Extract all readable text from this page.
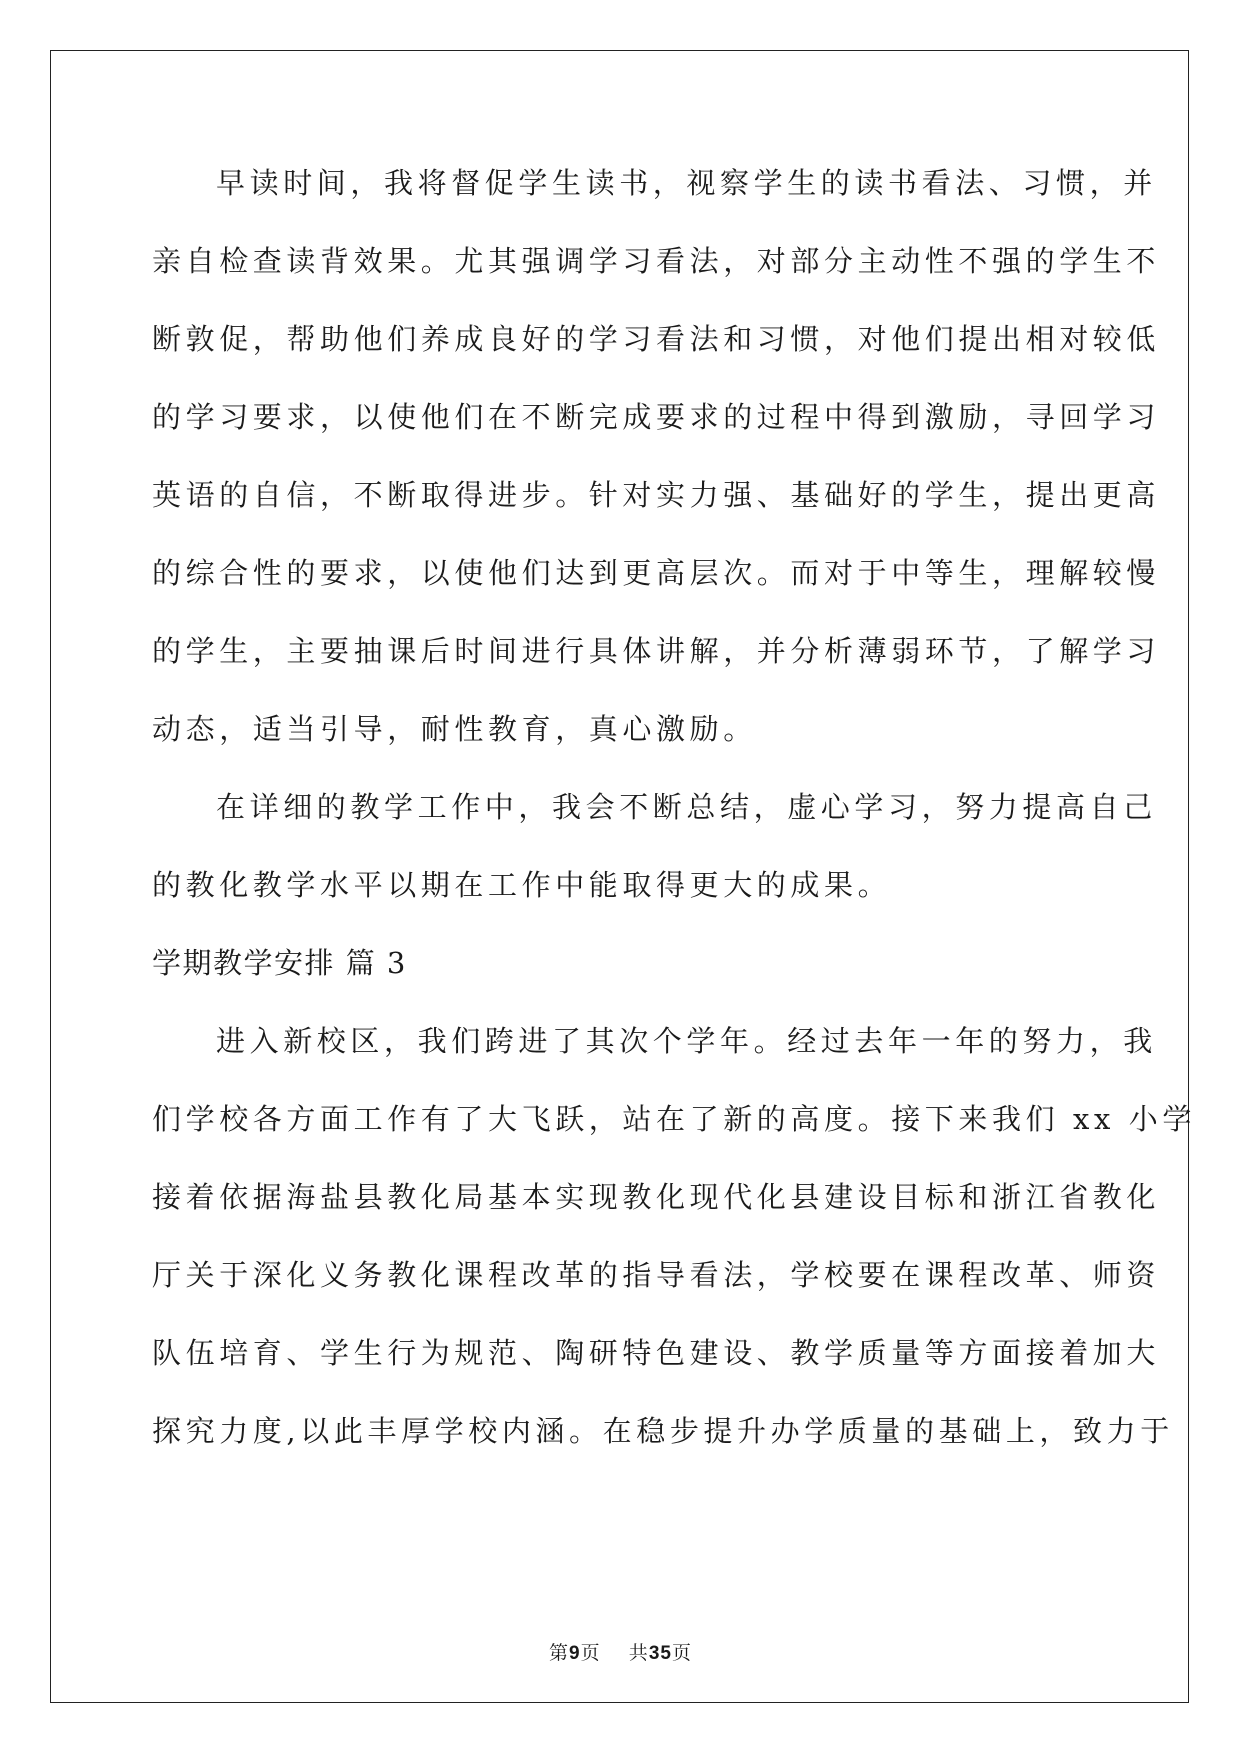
早读时间，我将督促学生读书，视察学生的读书看法、习惯，并
亲自检查读背效果。尤其强调学习看法，对部分主动性不强的学生不
断敦促，帮助他们养成良好的学习看法和习惯，对他们提出相对较低
的学习要求，以使他们在不断完成要求的过程中得到激励，寻回学习
英语的自信，不断取得进步。针对实力强、基础好的学生，提出更高
的综合性的要求，以使他们达到更高层次。而对于中等生，理解较慢
的学生，主要抽课后时间进行具体讲解，并分析薄弱环节，了解学习
动态，适当引导，耐性教育，真心激励。
在详细的教学工作中，我会不断总结，虚心学习，努力提高自己
的教化教学水平以期在工作中能取得更大的成果。
学期教学安排 篇 3
进入新校区，我们跨进了其次个学年。经过去年一年的努力，我
们学校各方面工作有了大飞跃，站在了新的高度。接下来我们 xx 小学
接着依据海盐县教化局基本实现教化现代化县建设目标和浙江省教化
厅关于深化义务教化课程改革的指导看法，学校要在课程改革、师资
队伍培育、学生行为规范、陶研特色建设、教学质量等方面接着加大
探究力度,以此丰厚学校内涵。在稳步提升办学质量的基础上，致力于
第9页 共35页
